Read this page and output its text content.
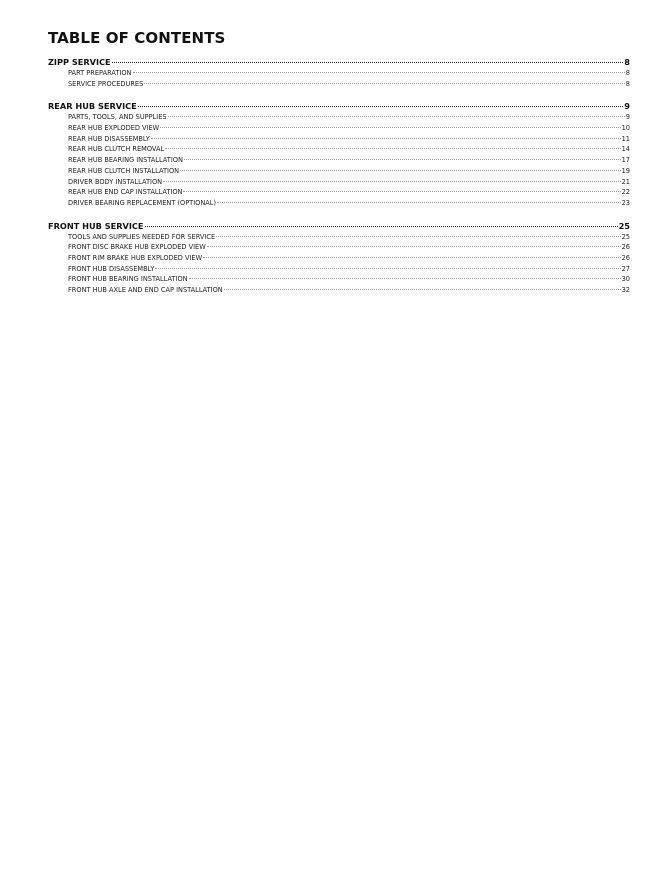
TABLE OF CONTENTS
ZIPP SERVICE	8
PART PREPARATION	8
SERVICE PROCEDURES	8
REAR HUB SERVICE	9
PARTS, TOOLS, AND SUPPLIES	9
REAR HUB EXPLODED VIEW	10
REAR HUB DISASSEMBLY	11
REAR HUB CLUTCH REMOVAL	14
REAR HUB BEARING INSTALLATION	17
REAR HUB CLUTCH INSTALLATION	19
DRIVER BODY INSTALLATION	21
REAR HUB END CAP INSTALLATION	22
DRIVER BEARING REPLACEMENT (OPTIONAL)	23
FRONT HUB SERVICE	25
TOOLS AND SUPPLIES NEEDED FOR SERVICE	25
FRONT DISC BRAKE HUB EXPLODED VIEW	26
FRONT RIM BRAKE HUB EXPLODED VIEW	26
FRONT HUB DISASSEMBLY	27
FRONT HUB BEARING INSTALLATION	30
FRONT HUB AXLE AND END CAP INSTALLATION	32
